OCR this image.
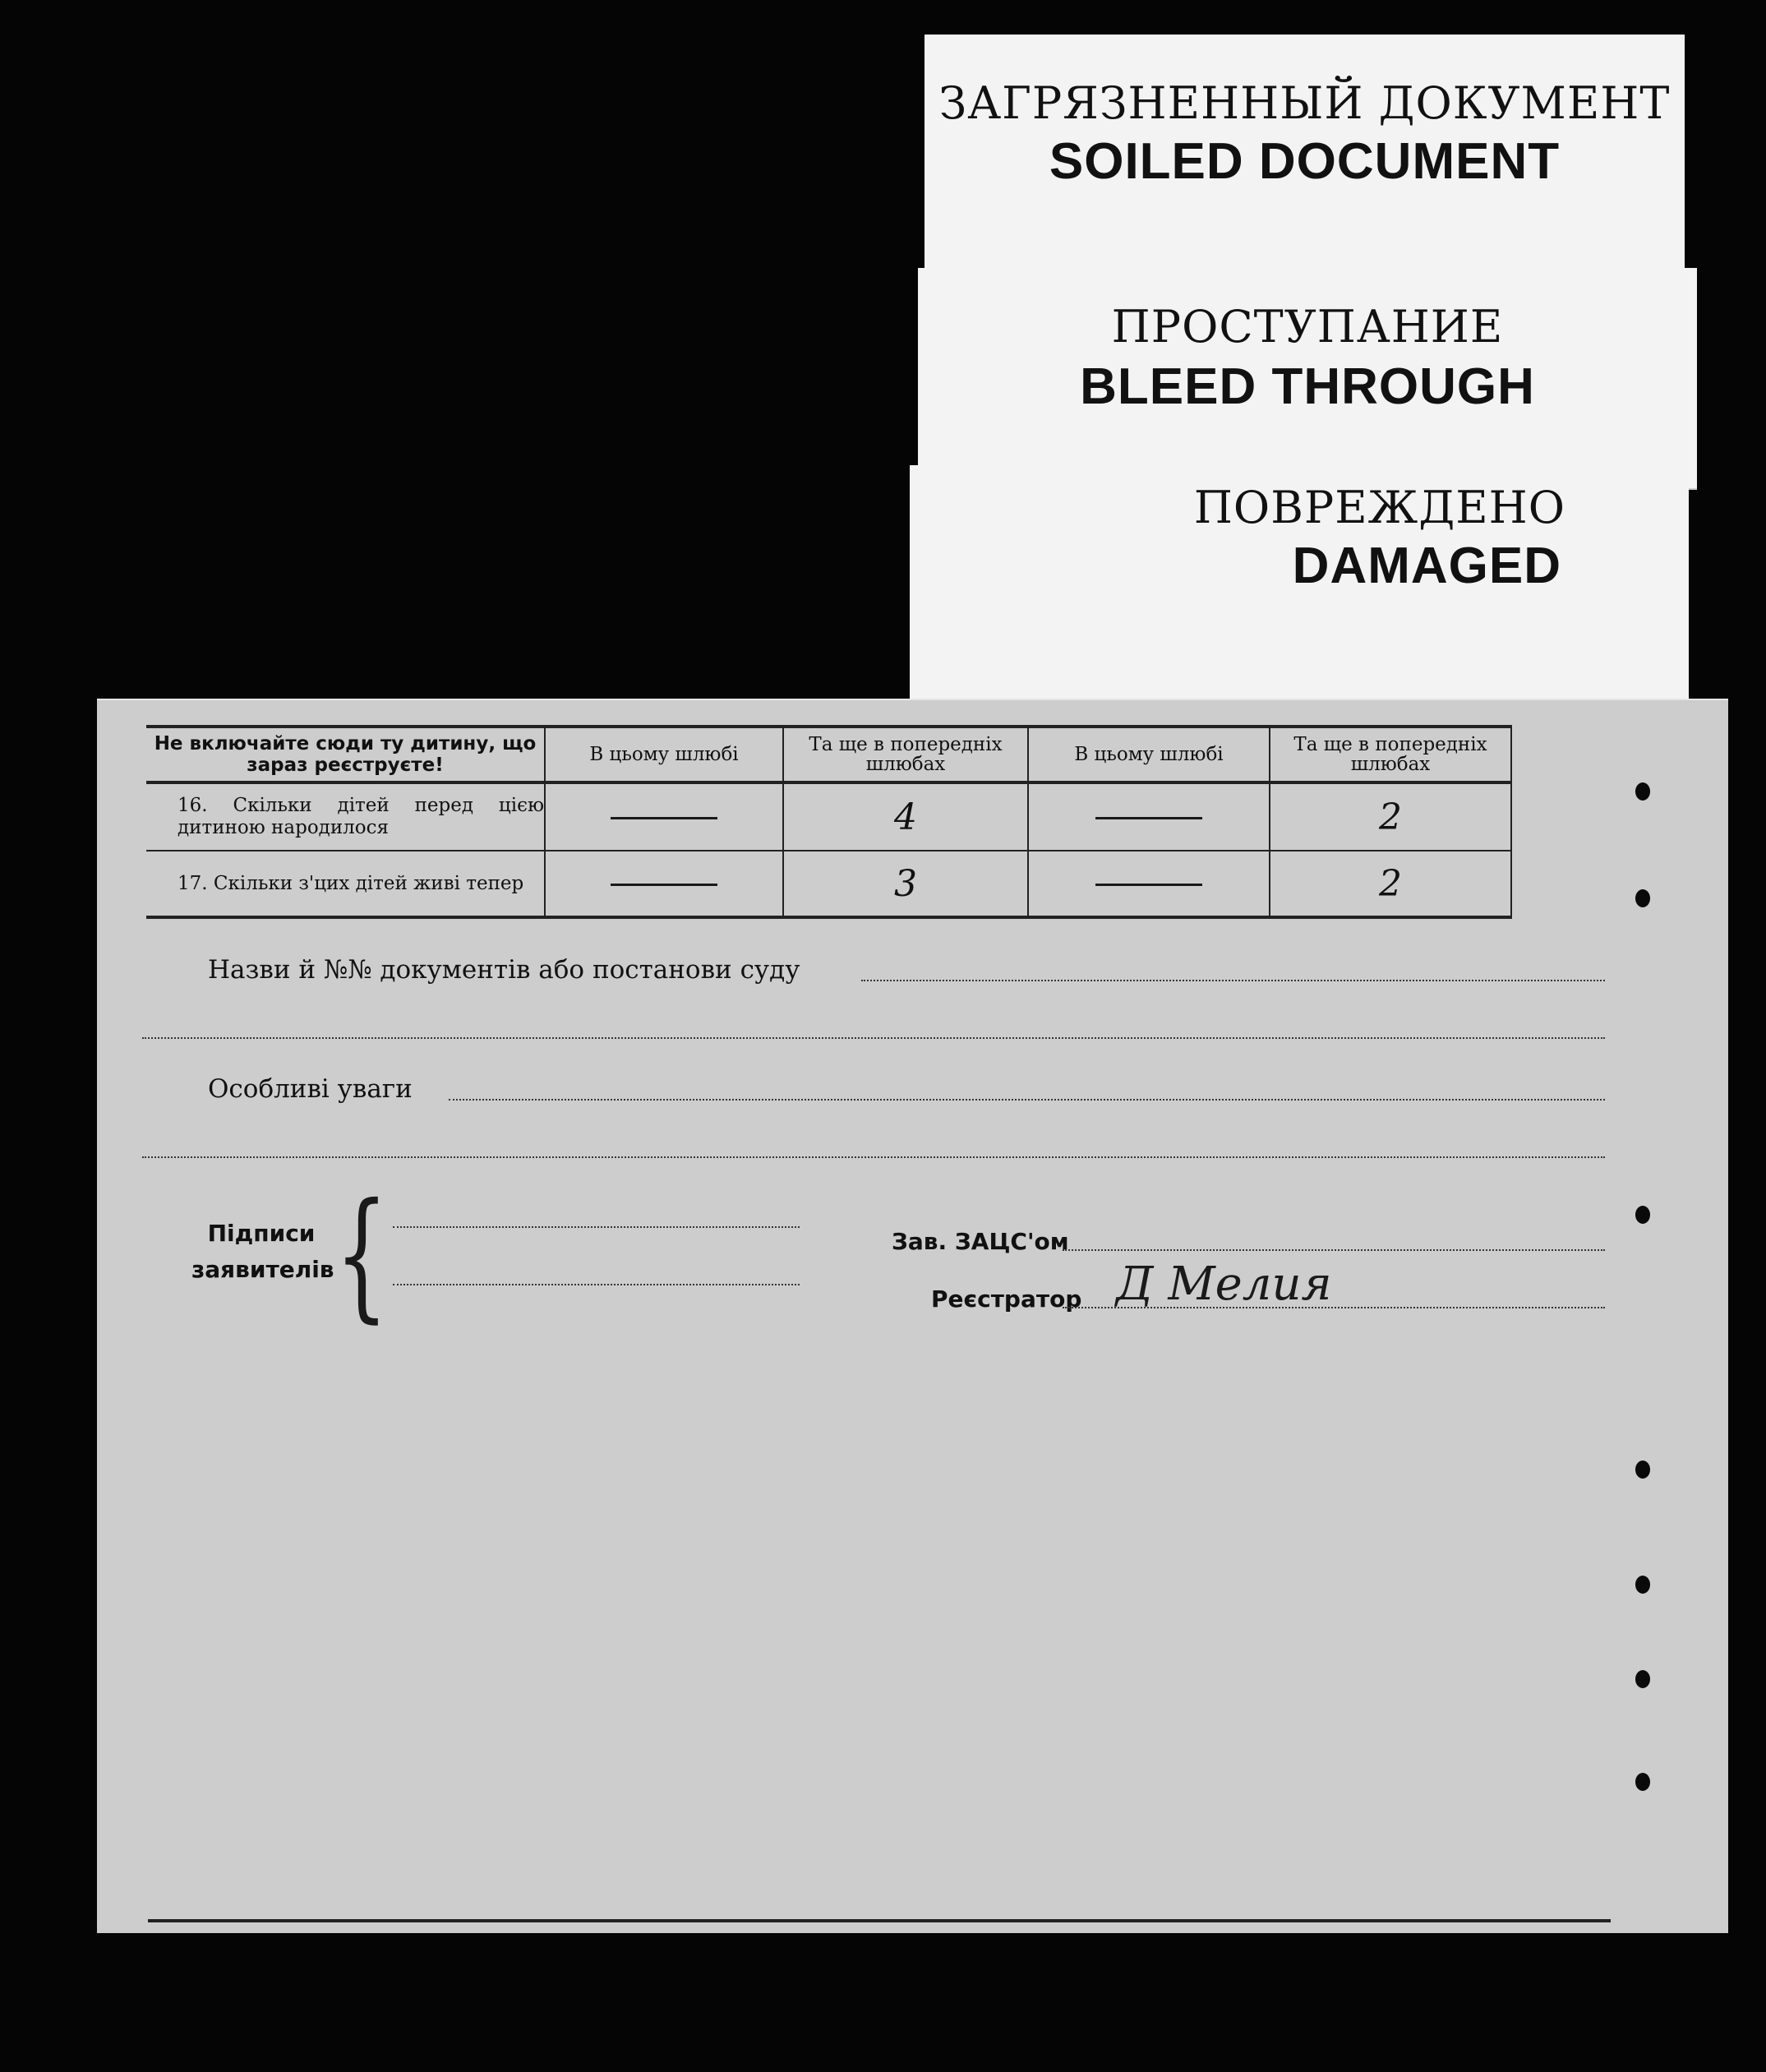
ЗАГРЯЗНЕННЫЙ ДОКУМЕНТ
SOILED DOCUMENT
ПРОСТУПАНИЕ
BLEED THROUGH
ПОВРЕЖДЕНО
DAMAGED
Не включайте сюди ту дитину, що зараз реєструєте!	В цьому шлюбі	Та ще в попередніх шлюбах	В цьому шлюбі	Та ще в попередніх шлюбах	
16. Скільки дітей перед цією дитиною народилося		4		2	
17. Скільки з'цих дітей живі тепер		3		2	
Назви й №№ документів або постанови суду
Особливі уваги
Підписи заявителів {	Зав. ЗАЦС'ом
Реєстратор Д Мелия
